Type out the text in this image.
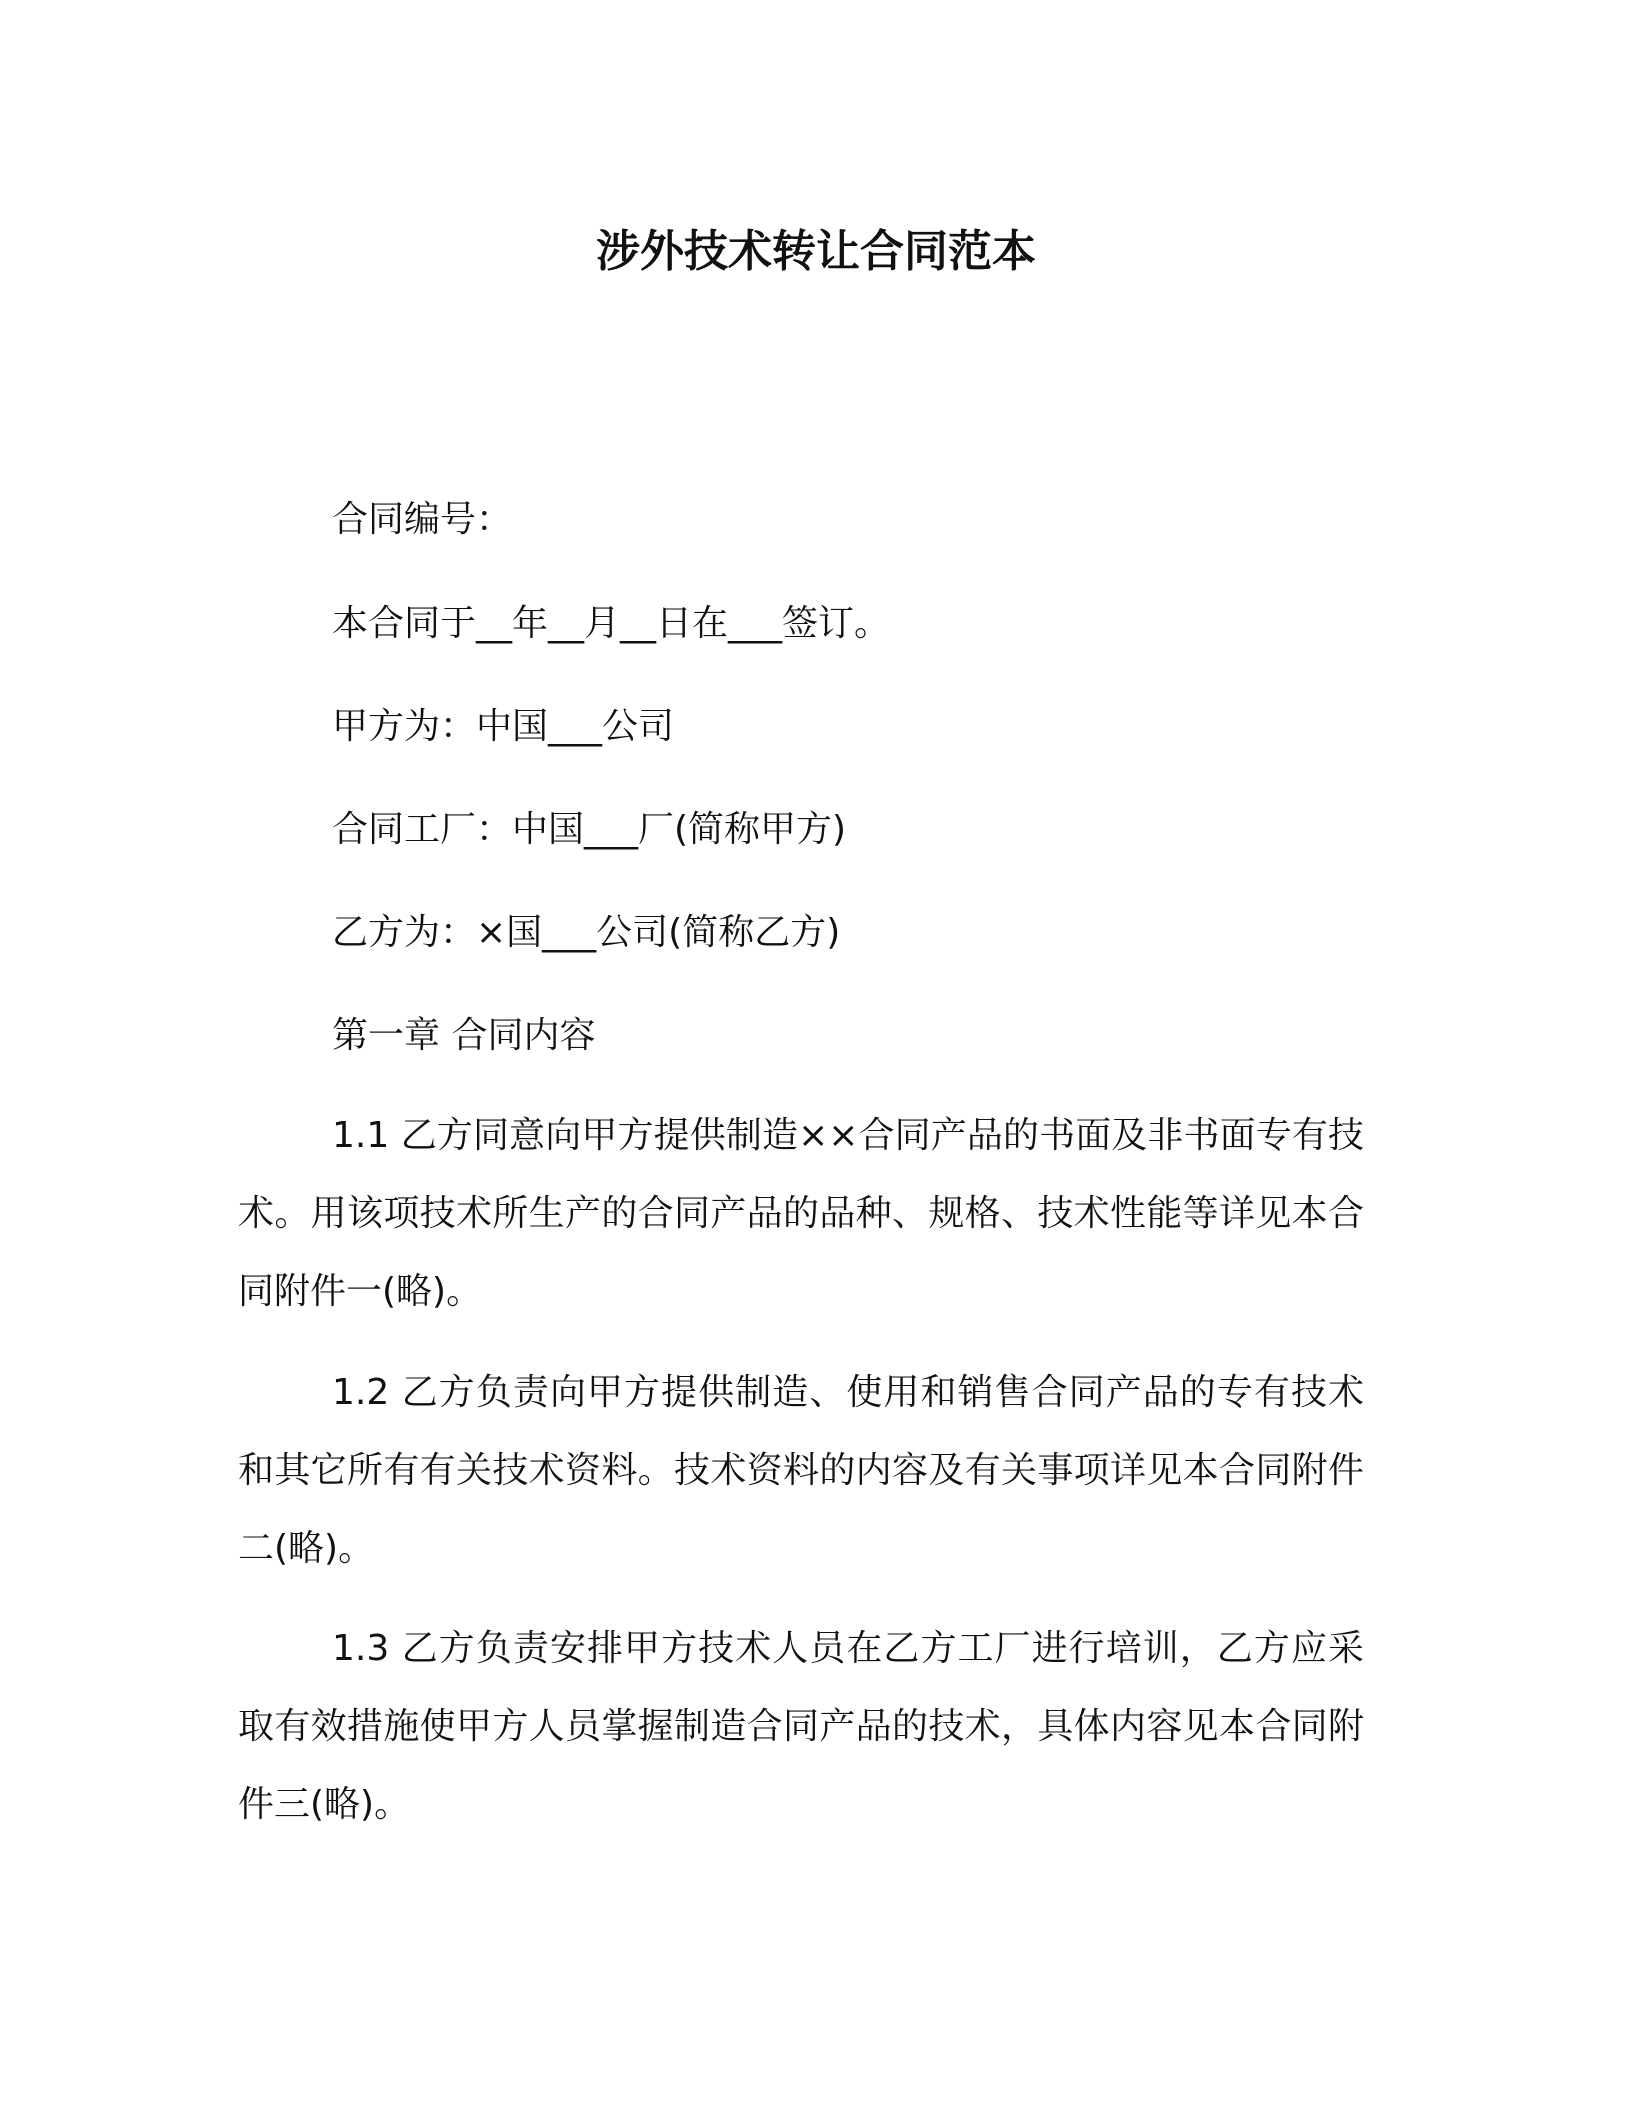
涉外技术转让合同范本
合同编号：
本合同于__年__月__日在___签订。
甲方为：中国___公司
合同工厂：中国___厂(简称甲方)
乙方为：×国___公司(简称乙方)
第一章 合同内容
1.1 乙方同意向甲方提供制造××合同产品的书面及非书面专有技术。用该项技术所生产的合同产品的品种、规格、技术性能等详见本合同附件一(略)。
1.2 乙方负责向甲方提供制造、使用和销售合同产品的专有技术和其它所有有关技术资料。技术资料的内容及有关事项详见本合同附件二(略)。
1.3 乙方负责安排甲方技术人员在乙方工厂进行培训，乙方应采取有效措施使甲方人员掌握制造合同产品的技术，具体内容见本合同附件三(略)。
